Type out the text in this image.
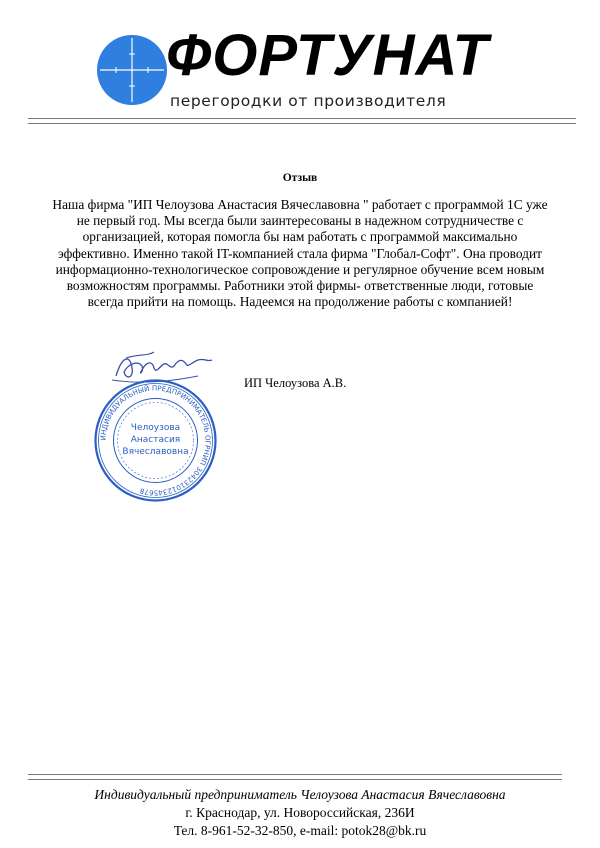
ФОРТУНАТ
перегородки от производителя
Отзыв
Наша фирма "ИП Челоузова Анастасия Вячеславовна " работает с программой 1С уже
не первый год. Мы всегда были заинтересованы в надежном сотрудничестве с
организацией, которая помогла бы нам работать с программой максимально
эффективно. Именно такой IT-компанией стала фирма "Глобал-Софт". Она проводит
информационно-технологическое сопровождение и регулярное обучение всем новым
возможностям программы. Работники этой фирмы- ответственные люди, готовые
всегда прийти на помощь. Надеемся на продолжение работы с компанией!
ИНДИВИДУАЛЬНЫЙ ПРЕДПРИНИМАТЕЛЬ ОГРНИП 304231012345678
Челоузова
Анастасия
Вячеславовна
ИП Челоузова А.В.
Индивидуальный предприниматель Челоузова Анастасия Вячеславовна
г. Краснодар, ул. Новороссийская, 236И
Тел. 8-961-52-32-850, e-mail: potok28@bk.ru
